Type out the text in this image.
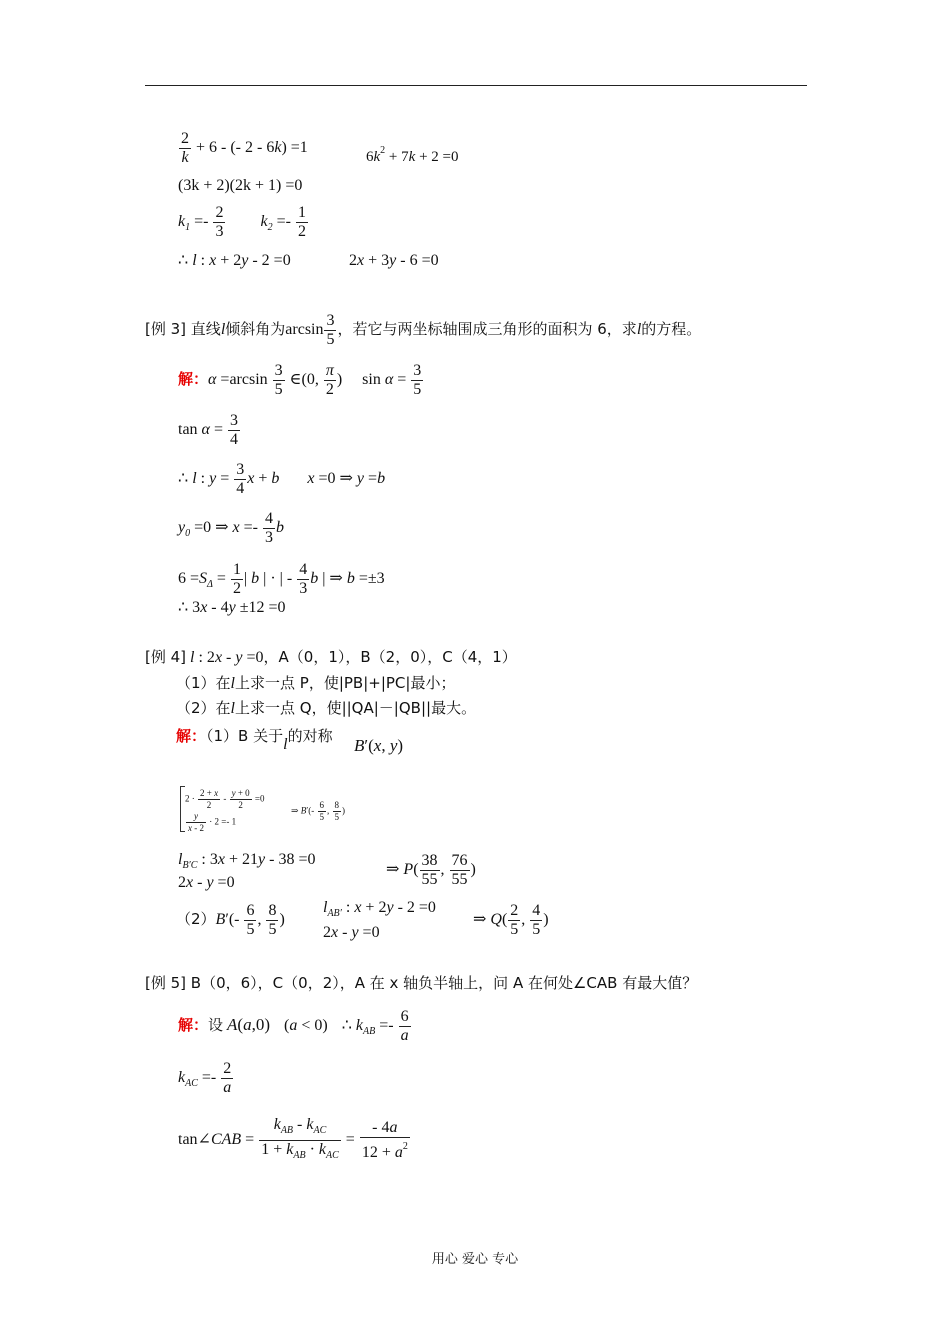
$\frac{2}{k} + 6$ - (- 2 - 6k) =1
$6k^2 + 7k + 2 =0$
(3k + 2)(2k + 1) =0
$k_1 =- \frac{2}{3} k_2 =- \frac{1}{2}$
∴ l : x + 2y - 2 =0	2x + 3y - 6 =0
[例 3] 直线l倾斜角为$\arcsin \frac{3}{5}$ ，若它与两坐标轴围成三角形的面积为 6，求l的方程。
解：$\alpha =\arcsin \frac{3}{5}$ ∈(0, $\frac{\pi}{2}$ ) $\sin \alpha = \frac{3}{5}$
$\tan \alpha = \frac{3}{4}$
∴ l : $y = \frac{3}{4}$ x + b x =0 ⇒ y =b
$y_0 =0$ ⇒ $x =- \frac{4}{3}$ b
$6 =S_\Delta = \frac{1}{2}$ | b | · | - $\frac{4}{3}$ b | ⇒ b =±3
∴ 3x - 4y ±12 =0
[例 4] l : 2x - y =0，A（0，1），B（2，0），C（4，1）
（1）在l上求一点 P，使|PB|+|PC|最小；
（2）在l上求一点 Q，使||QA|－|QB||最大。
解：（1）B 关于l的对称 B′(x, y)
$2 \cdot \frac{2 + x}{2} - \frac{y + 0}{2} =0$
$\frac{y}{x - 2} \cdot 2 =- 1$
⇒ $B'(- \frac{6}{5}$ , $\frac{8}{5}$ )
$l_{B'C}$ : 3x + 21y - 38 =0
2x - y =0
⇒ $P( \frac{38}{55}$ , $\frac{76}{55}$ )
$(2)B'(- \frac{6}{5}$ , $\frac{8}{5}$ )
$l_{AB'}$ : x + 2y - 2 =0
2x - y =0
⇒ $Q( \frac{2}{5}$ , $\frac{4}{5}$ )
[例 5] B（0，6），C（0，2），A 在 x 轴负半轴上，问 A 在何处∠CAB 有最大值？
解：设 A(a,0) (a < 0) ∴ $k_{AB} =- \frac{6}{a}$
$k_{AC} =- \frac{2}{a}$
tan∠CAB = $\frac{k_{AB} - k_{AC}}{1 + k_{AB} \cdot k_{AC}} = \frac{- 4a}{12 + a^2}$
用心 爱心 专心
